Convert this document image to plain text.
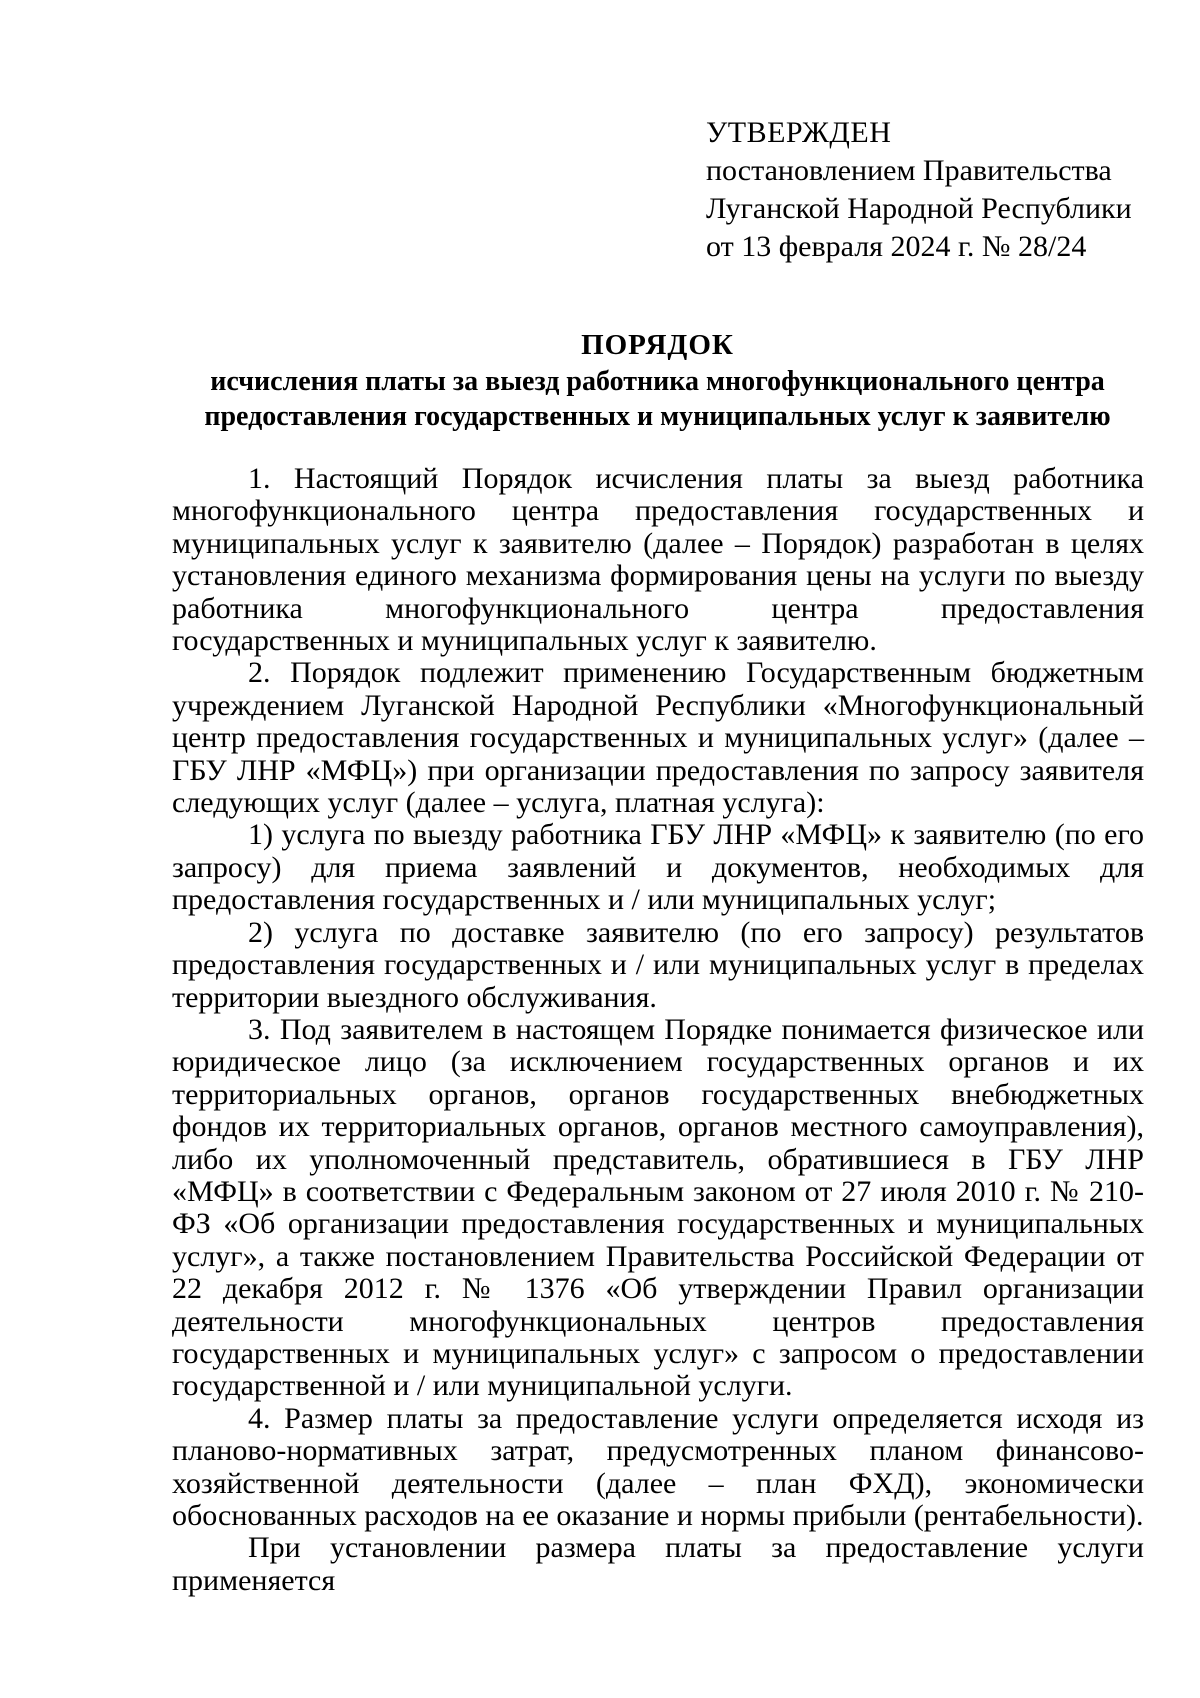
УТВЕРЖДЕН
постановлением Правительства
Луганской Народной Республики
от 13 февраля 2024 г. № 28/24
ПОРЯДОК
исчисления платы за выезд работника многофункционального центра
предоставления государственных и муниципальных услуг к заявителю

1. Настоящий Порядок исчисления платы за выезд работника многофункционального центра предоставления государственных и муниципальных услуг к заявителю (далее – Порядок) разработан в целях установления единого механизма формирования цены на услуги по выезду работника многофункционального центра предоставления государственных и муниципальных услуг к заявителю.

2. Порядок подлежит применению Государственным бюджетным учреждением Луганской Народной Республики «Многофункциональный центр предоставления государственных и муниципальных услуг» (далее – ГБУ ЛНР «МФЦ») при организации предоставления по запросу заявителя следующих услуг (далее – услуга, платная услуга):

1) услуга по выезду работника ГБУ ЛНР «МФЦ» к заявителю (по его запросу) для приема заявлений и документов, необходимых для предоставления государственных и / или муниципальных услуг;

2) услуга по доставке заявителю (по его запросу) результатов предоставления государственных и / или муниципальных услуг в пределах территории выездного обслуживания.

3. Под заявителем в настоящем Порядке понимается физическое или юридическое лицо (за исключением государственных органов и их территориальных органов, органов государственных внебюджетных фондов их территориальных органов, органов местного самоуправления), либо их уполномоченный представитель, обратившиеся в ГБУ ЛНР «МФЦ» в соответствии с Федеральным законом от 27 июля 2010 г. № 210-ФЗ «Об организации предоставления государственных и муниципальных услуг», а также постановлением Правительства Российской Федерации от 22 декабря 2012 г. № 1376 «Об утверждении Правил организации деятельности многофункциональных центров предоставления государственных и муниципальных услуг» с запросом о предоставлении государственной и / или муниципальной услуги.

4. Размер платы за предоставление услуги определяется исходя из планово-нормативных затрат, предусмотренных планом финансово-хозяйственной деятельности (далее – план ФХД), экономически обоснованных расходов на ее оказание и нормы прибыли (рентабельности).

При установлении размера платы за предоставление услуги применяется
